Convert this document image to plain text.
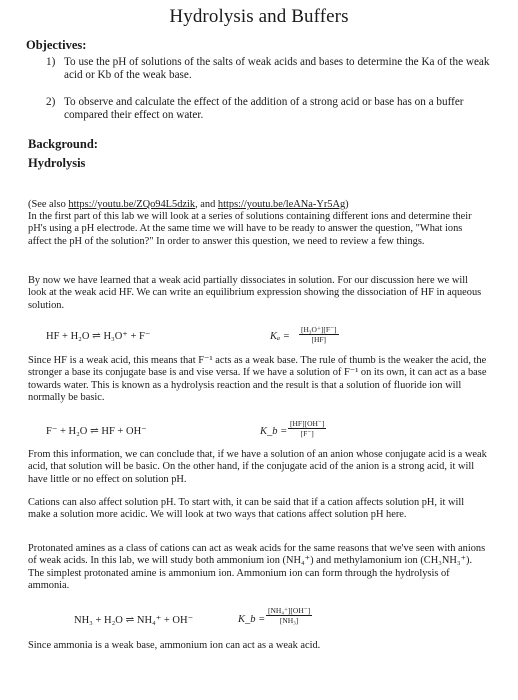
Hydrolysis and Buffers
Objectives:
1) To use the pH of solutions of the salts of weak acids and bases to determine the Ka of the weak acid or Kb of the weak base.
2) To observe and calculate the effect of the addition of a strong acid or base has on a buffer compared their effect on water.
Background:
Hydrolysis
(See also https://youtu.be/ZQo94L5dzik, and https://youtu.be/leANa-Yr5Ag)
In the first part of this lab we will look at a series of solutions containing different ions and determine their pH's using a pH electrode. At the same time we will have to be ready to answer the question, "What ions affect the pH of the solution?" In order to answer this question, we need to review a few things.
By now we have learned that a weak acid partially dissociates in solution. For our discussion here we will look at the weak acid HF. We can write an equilibrium expression showing the dissociation of HF in aqueous solution.
HF + H₂O ⇌ H₃O⁺ + F⁻	$K_a = \frac{\text{[H₃O⁺][F⁻]}}{[HF]}$
Since HF is a weak acid, this means that F⁻¹ acts as a weak base. The rule of thumb is the weaker the acid, the stronger a base its conjugate base is and vise versa. If we have a solution of F⁻¹ on its own, it can act as a base towards water. This is known as a hydrolysis reaction and the result is that a solution of fluoride ion will normally be basic.
F⁻ + H₂O ⇌ HF + OH⁻	K_b = $\frac{[HF][OH^-]}{[F^-]}$
From this information, we can conclude that, if we have a solution of an anion whose conjugate acid is a weak acid, that solution will be basic. On the other hand, if the conjugate acid of the anion is a strong acid, it will have little or no effect on solution pH.
Cations can also affect solution pH. To start with, it can be said that if a cation affects solution pH, it will make a solution more acidic. We will look at two ways that cations affect solution pH here.
Protonated amines as a class of cations can act as weak acids for the same reasons that we've seen with anions of weak acids. In this lab, we will study both ammonium ion (NH₄⁺) and methylamonium ion (CH₃NH₃⁺). The simplest protonated amine is ammonium ion. Ammonium ion can form through the hydrolysis of ammonia.
NH₃ + H₂O ⇌ NH₄⁺ + OH⁻	K_b = $\frac{\text{[NH₄⁺][OH⁻]}}{\text{[NH₃]}}$
Since ammonia is a weak base, ammonium ion can act as a weak acid.
